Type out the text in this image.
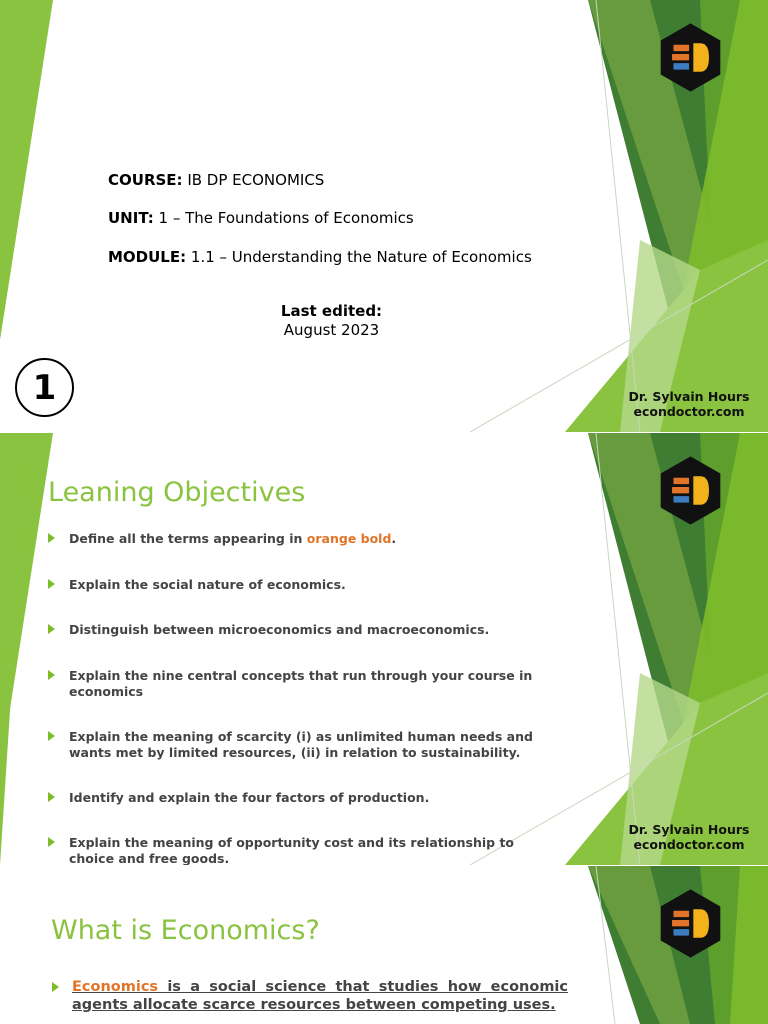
COURSE: IB DP ECONOMICS
UNIT: 1 – The Foundations of Economics
MODULE: 1.1 – Understanding the Nature of Economics
Last edited:
August 2023
1	Dr. Sylvain Hours
econdoctor.com
Leaning Objectives
Define all the terms appearing in orange bold.
Explain the social nature of economics.
Distinguish between microeconomics and macroeconomics.
Explain the nine central concepts that run through your course in economics
Explain the meaning of scarcity (i) as unlimited human needs and wants met by limited resources, (ii) in relation to sustainability.
Identify and explain the four factors of production.
Explain the meaning of opportunity cost and its relationship to choice and free goods.
Dr. Sylvain Hours
econdoctor.com
What is Economics?
Economics is a social science that studies how economic agents allocate scarce resources between competing uses.
